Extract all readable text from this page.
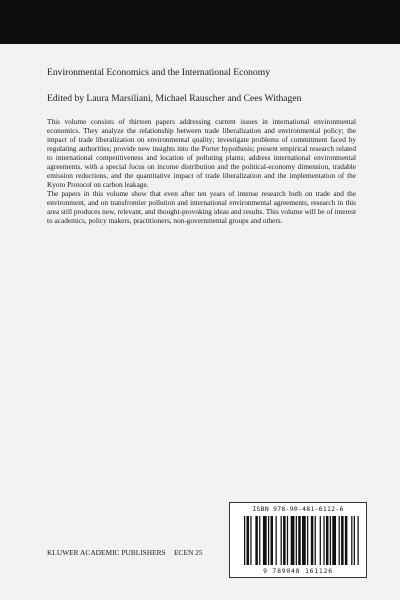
Environmental Economics and the International Economy
Edited by Laura Marsiliani, Michael Rauscher and Cees Withagen

This volume consists of thirteen papers addressing current issues in international environmental economics. They analyze the relationship between trade liberalization and environmental policy; the impact of trade liberalization on environmental quality; investigate problems of commitment faced by regulating authorities; provide new insights into the Porter hypothesis; present empirical research related to international competitiveness and location of polluting plants; address international environmental agreements, with a special focus on income distribution and the political-economy dimension, tradable emission reductions, and the quantitative impact of trade liberalization and the implementation of the Kyoto Protocol on carbon leakage.

The papers in this volume show that even after ten years of intense research both on trade and the environment, and on transfrontier pollution and international environmental agreements, research in this area still produces new, relevant, and thought-provoking ideas and results. This volume will be of interest to academics, policy makers, practitioners, non-governmental groups and others.

ISBN 978-90-481-6112-6
9 789048 161126
KLUWER ACADEMIC PUBLISHERS ECEN 25
